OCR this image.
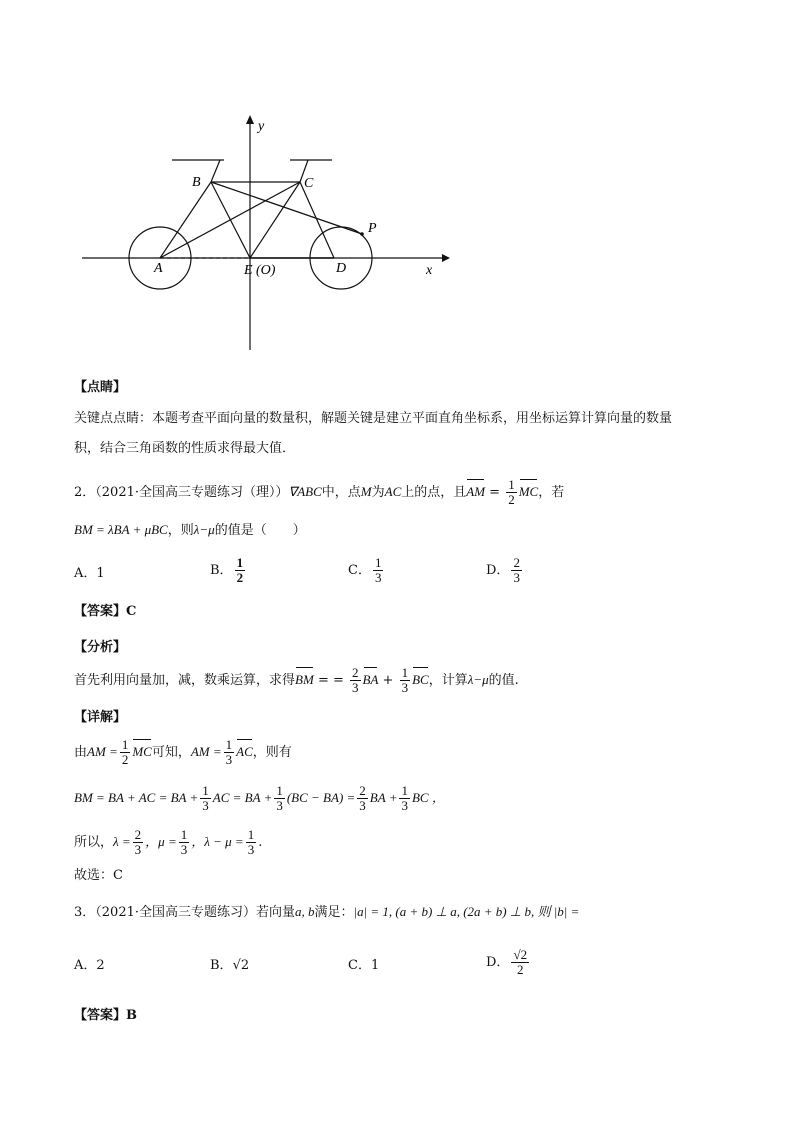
y
x
B	C
P
A	E (O)	D
【点睛】
关键点点睛：本题考查平面向量的数量积，解题关键是建立平面直角坐标系，用坐标运算计算向量的数量
积，结合三角函数的性质求得最大值．
2．（2021·全国高三专题练习（理））∇ABC中，点M为AC上的点，且AM = $\frac{1}{2}$ MC，若
BM = λBA + μBC，则λ−μ的值是（　　）
A．1	B． $\frac{1}{2}$	C． $\frac{1}{3}$	D． $\frac{2}{3}$
【答案】C
【分析】
首先利用向量加，减，数乘运算，求得BM = = $\frac{2}{3}$ BA + $\frac{1}{3}$ BC，计算λ−μ的值.
【详解】
由AM = $\frac{1}{2}$ MC可知，AM = $\frac{1}{3}$ AC，则有
BM = BA + AC = BA + $\frac{1}{3}$ AC = BA + $\frac{1}{3} (BC - BA) = \frac{2}{3}$ BA + $\frac{1}{3}$ BC ，
所以，$\lambda = \frac{2}{3}$ ，$\mu = \frac{1}{3}$ ，$\lambda - \mu = \frac{1}{3}$ .
故选：C
3．（2021·全国高三专题练习）若向量a, b满足：|a| = 1, (a + b) ⊥ a, (2a + b) ⊥ b, 则 |b| =
A．2	B．√2	C．1	D． $\frac{√2}{2}$
【答案】B
